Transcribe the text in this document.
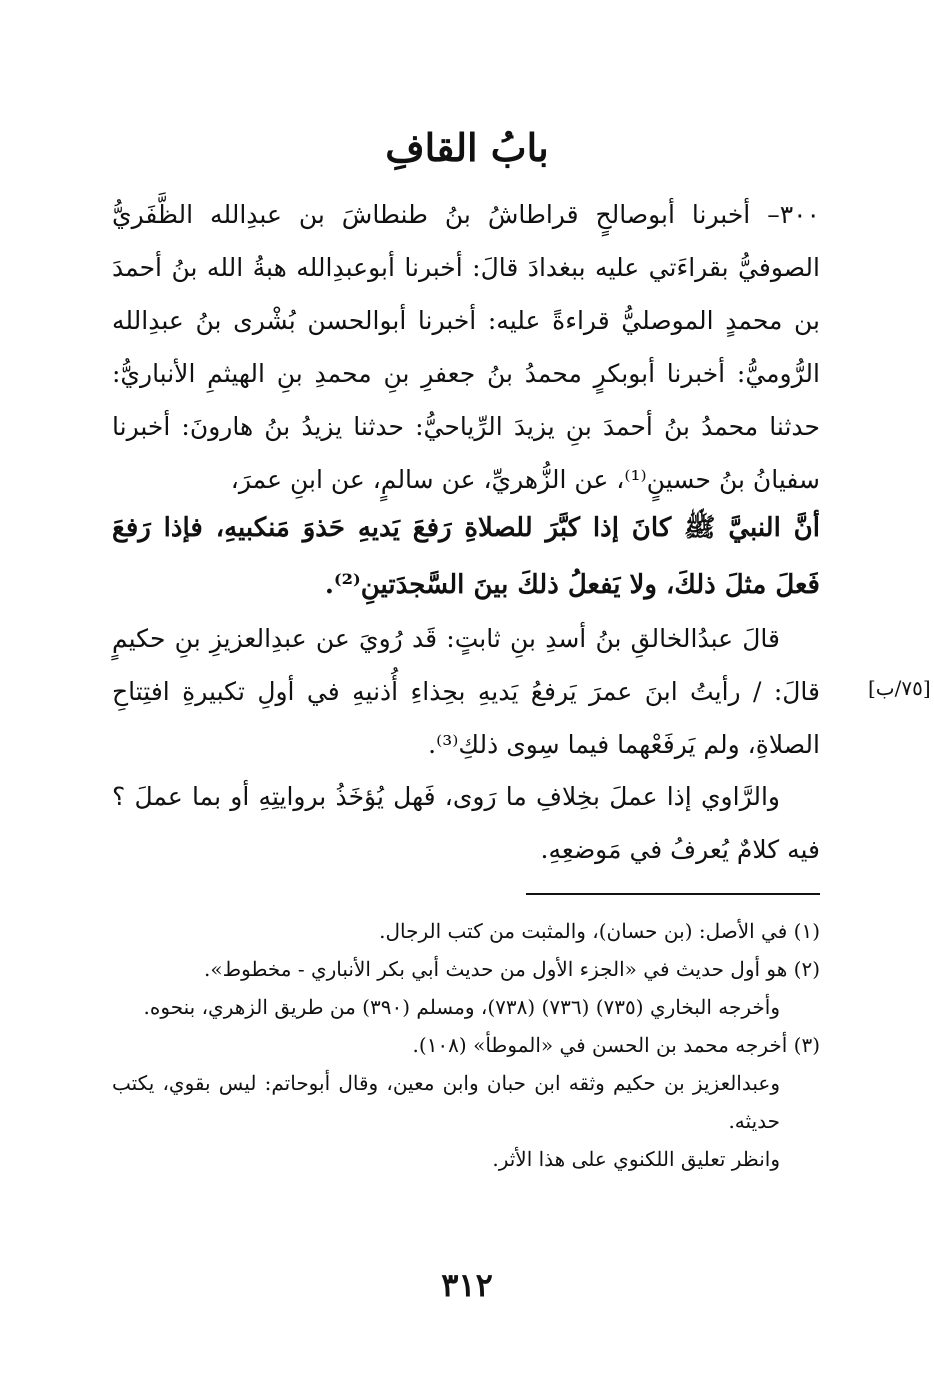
بابُ القافِ

٣٠٠– أخبرنا أبوصالحٍ قراطاشُ بنُ طنطاشَ بن عبدِالله الظَّفَريُّ الصوفيُّ بقراءَتي عليه ببغدادَ قالَ: أخبرنا أبوعبدِالله هبةُ الله بنُ أحمدَ بن محمدٍ الموصليُّ قراءةً عليه: أخبرنا أبوالحسن بُشْرى بنُ عبدِالله الرُّوميُّ: أخبرنا أبوبكرٍ محمدُ بنُ جعفرِ بنِ محمدِ بنِ الهيثمِ الأنباريُّ: حدثنا محمدُ بنُ أحمدَ بنِ يزيدَ الرِّياحيُّ: حدثنا يزيدُ بنُ هارونَ: أخبرنا سفيانُ بنُ حسينٍ⁽¹⁾، عن الزُّهريِّ، عن سالمٍ، عن ابنِ عمرَ،

أنَّ النبيَّ ﷺ كانَ إذا كبَّرَ للصلاةِ رَفعَ يَديهِ حَذوَ مَنكبيهِ، فإذا رَفعَ فَعلَ مثلَ ذلكَ، ولا يَفعلُ ذلكَ بينَ السَّجدَتينِ⁽²⁾.

قالَ عبدُالخالقِ بنُ أسدِ بنِ ثابتٍ: قَد رُويَ عن عبدِالعزيزِ بنِ حكيمٍ قالَ: / رأيتُ ابنَ عمرَ يَرفعُ يَديهِ بحِذاءِ أُذنيهِ في أولِ تكبيرةِ افتِتاحِ الصلاةِ، ولم يَرفَعْهما فيما سِوى ذلكِ⁽³⁾.

[٧٥/ب]

والرَّاوي إذا عملَ بخِلافِ ما رَوى، فَهل يُؤخَذُ بروايتِهِ أو بما عملَ ؟ فيه كلامٌ يُعرفُ في مَوضعِهِ.

(١) في الأصل: (بن حسان)، والمثبت من كتب الرجال.

(٢) هو أول حديث في «الجزء الأول من حديث أبي بكر الأنباري - مخطوط».

وأخرجه البخاري (٧٣٥) (٧٣٦) (٧٣٨)، ومسلم (٣٩٠) من طريق الزهري، بنحوه.

(٣) أخرجه محمد بن الحسن في «الموطأ» (١٠٨).

وعبدالعزيز بن حكيم وثقه ابن حبان وابن معين، وقال أبوحاتم: ليس بقوي، يكتب حديثه.

وانظر تعليق اللكنوي على هذا الأثر.

٣١٢
